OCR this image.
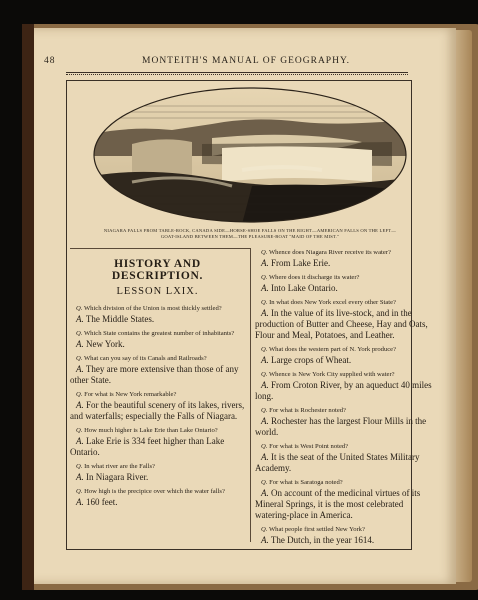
48	MONTEITH'S MANUAL OF GEOGRAPHY.
NIAGARA FALLS FROM TABLE-ROCK, CANADA SIDE—HORSE-SHOE FALLS ON THE RIGHT—AMERICAN FALLS ON THE LEFT—
GOAT-ISLAND BETWEEN THEM—THE PLEASURE-BOAT "MAID OF THE MIST."
HISTORY AND DESCRIPTION.
LESSON LXIX.

Q. Which division of the Union is most thickly settled?

A. The Middle States.

Q. Which State contains the greatest number of inhabitants?

A. New York.

Q. What can you say of its Canals and Railroads?

A. They are more extensive than those of any other State.

Q. For what is New York remarkable?

A. For the beautiful scenery of its lakes, rivers, and waterfalls; especially the Falls of Niagara.

Q. How much higher is Lake Erie than Lake Ontario?

A. Lake Erie is 334 feet higher than Lake Ontario.

Q. In what river are the Falls?

A. In Niagara River.

Q. How high is the precipice over which the water falls?

A. 160 feet.

Q. Whence does Niagara River receive its water?

A. From Lake Erie.

Q. Where does it discharge its water?

A. Into Lake Ontario.

Q. In what does New York excel every other State?

A. In the value of its live-stock, and in the production of Butter and Cheese, Hay and Oats, Flour and Meal, Potatoes, and Leather.

Q. What does the western part of N. York produce?

A. Large crops of Wheat.

Q. Whence is New York City supplied with water?

A. From Croton River, by an aqueduct 40 miles long.

Q. For what is Rochester noted?

A. Rochester has the largest Flour Mills in the world.

Q. For what is West Point noted?

A. It is the seat of the United States Military Academy.

Q. For what is Saratoga noted?

A. On account of the medicinal virtues of its Mineral Springs, it is the most celebrated watering-place in America.

Q. What people first settled New York?

A. The Dutch, in the year 1614.
